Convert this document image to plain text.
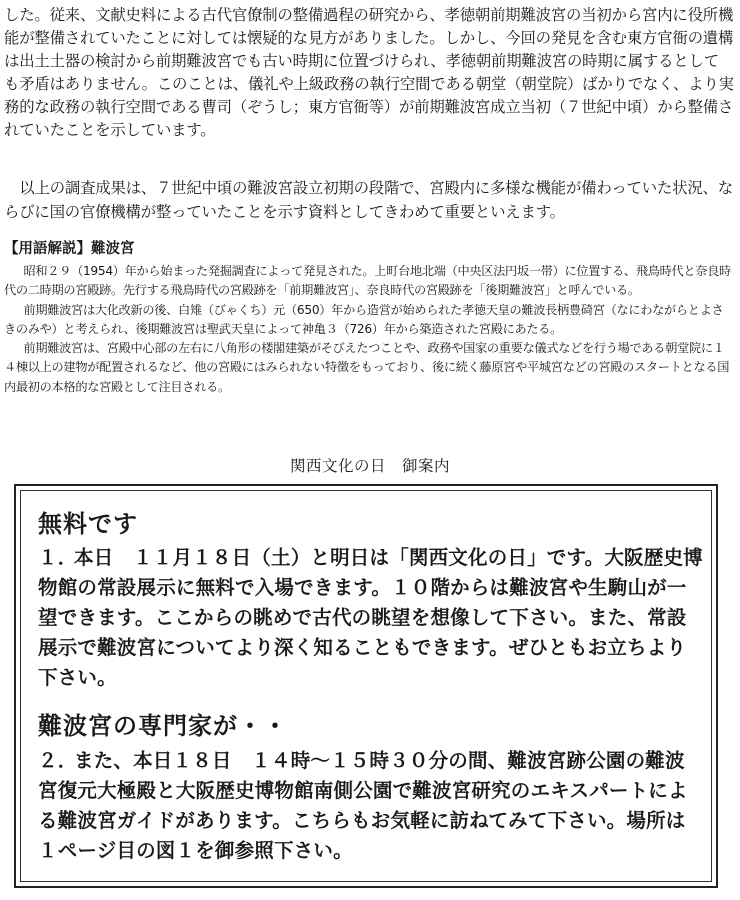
した。従来、文献史料による古代官僚制の整備過程の研究から、孝徳朝前期難波宮の当初から宮内に役所機能が整備されていたことに対しては懐疑的な見方がありました。しかし、今回の発見を含む東方官衙の遺構は出土土器の検討から前期難波宮でも古い時期に位置づけられ、孝徳朝前期難波宮の時期に属するとしても矛盾はありません。このことは、儀礼や上級政務の執行空間である朝堂（朝堂院）ばかりでなく、より実務的な政務の執行空間である曹司（ぞうし；東方官衙等）が前期難波宮成立当初（７世紀中頃）から整備されていたことを示しています。

以上の調査成果は、７世紀中頃の難波宮設立初期の段階で、宮殿内に多様な機能が備わっていた状況、ならびに国の官僚機構が整っていたことを示す資料としてきわめて重要といえます。

【用語解説】難波宮

昭和２９（1954）年から始まった発掘調査によって発見された。上町台地北端（中央区法円坂一帯）に位置する、飛鳥時代と奈良時代の二時期の宮殿跡。先行する飛鳥時代の宮殿跡を「前期難波宮」、奈良時代の宮殿跡を「後期難波宮」と呼んでいる。

前期難波宮は大化改新の後、白雉（びゃくち）元（650）年から造営が始められた孝徳天皇の難波長柄豊碕宮（なにわながらとよさきのみや）と考えられ、後期難波宮は聖武天皇によって神亀３（726）年から築造された宮殿にあたる。

前期難波宮は、宮殿中心部の左右に八角形の楼閣建築がそびえたつことや、政務や国家の重要な儀式などを行う場である朝堂院に１４棟以上の建物が配置されるなど、他の宮殿にはみられない特徴をもっており、後に続く藤原宮や平城宮などの宮殿のスタートとなる国内最初の本格的な宮殿として注目される。

関西文化の日　御案内
無料です
１．本日　１１月１８日（土）と明日は「関西文化の日」です。大阪歴史博物館の常設展示に無料で入場できます。１０階からは難波宮や生駒山が一望できます。ここからの眺めで古代の眺望を想像して下さい。また、常設展示で難波宮についてより深く知ることもできます。ぜひともお立ちより下さい。
難波宮の専門家が・・
２．また、本日１８日　１４時～１５時３０分の間、難波宮跡公園の難波宮復元大極殿と大阪歴史博物館南側公園で難波宮研究のエキスパートによる難波宮ガイドがあります。こちらもお気軽に訪ねてみて下さい。場所は１ページ目の図１を御参照下さい。
